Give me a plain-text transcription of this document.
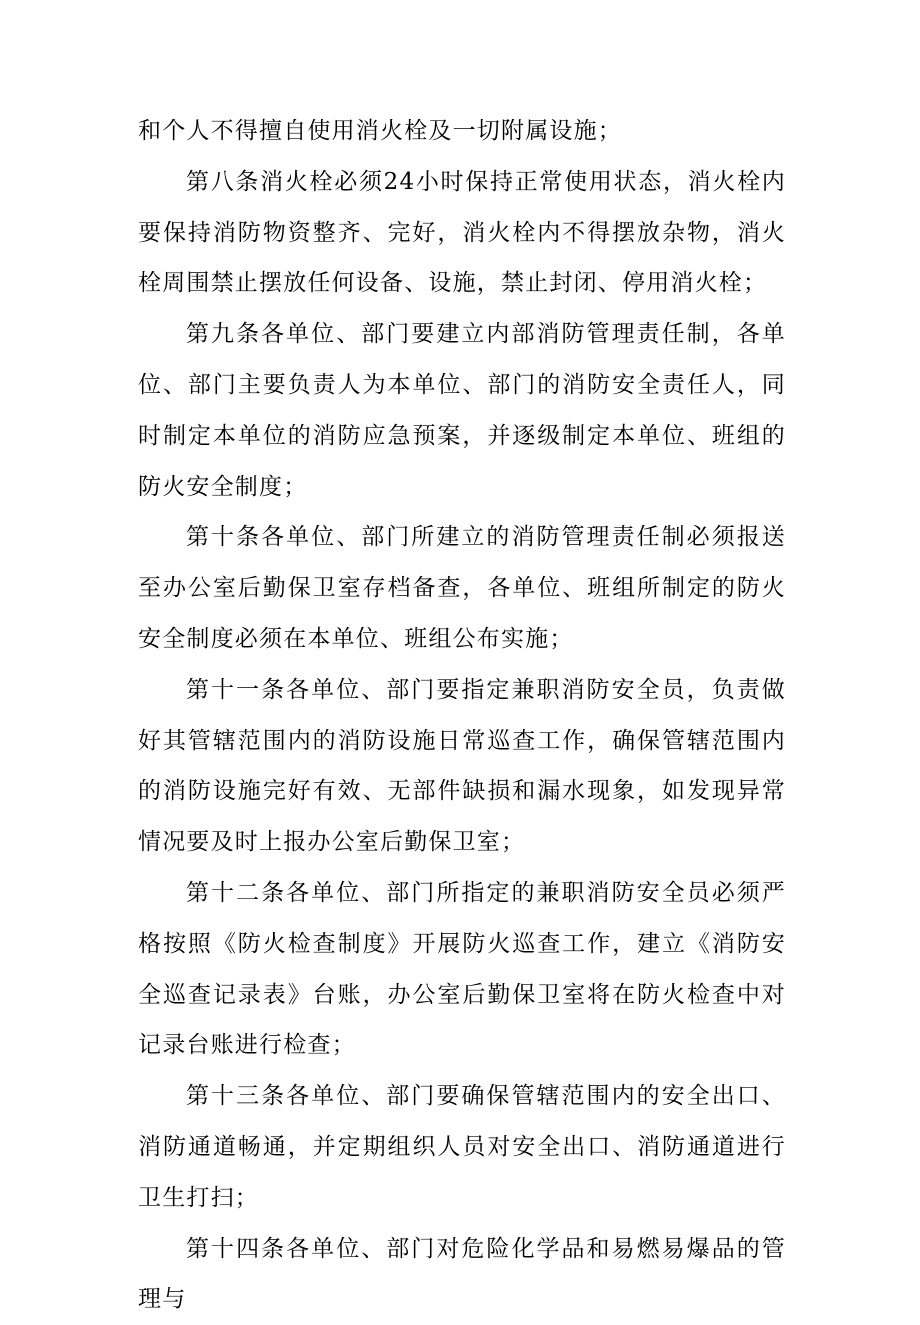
和个人不得擅自使用消火栓及一切附属设施；

第八条消火栓必须24小时保持正常使用状态，消火栓内要保持消防物资整齐、完好，消火栓内不得摆放杂物，消火栓周围禁止摆放任何设备、设施，禁止封闭、停用消火栓；

第九条各单位、部门要建立内部消防管理责任制，各单位、部门主要负责人为本单位、部门的消防安全责任人，同时制定本单位的消防应急预案，并逐级制定本单位、班组的防火安全制度；

第十条各单位、部门所建立的消防管理责任制必须报送至办公室后勤保卫室存档备查，各单位、班组所制定的防火安全制度必须在本单位、班组公布实施；

第十一条各单位、部门要指定兼职消防安全员，负责做好其管辖范围内的消防设施日常巡查工作，确保管辖范围内的消防设施完好有效、无部件缺损和漏水现象，如发现异常情况要及时上报办公室后勤保卫室；

第十二条各单位、部门所指定的兼职消防安全员必须严格按照《防火检查制度》开展防火巡查工作，建立《消防安全巡查记录表》台账，办公室后勤保卫室将在防火检查中对记录台账进行检查；

第十三条各单位、部门要确保管辖范围内的安全出口、消防通道畅通，并定期组织人员对安全出口、消防通道进行卫生打扫；

第十四条各单位、部门对危险化学品和易燃易爆品的管理与
